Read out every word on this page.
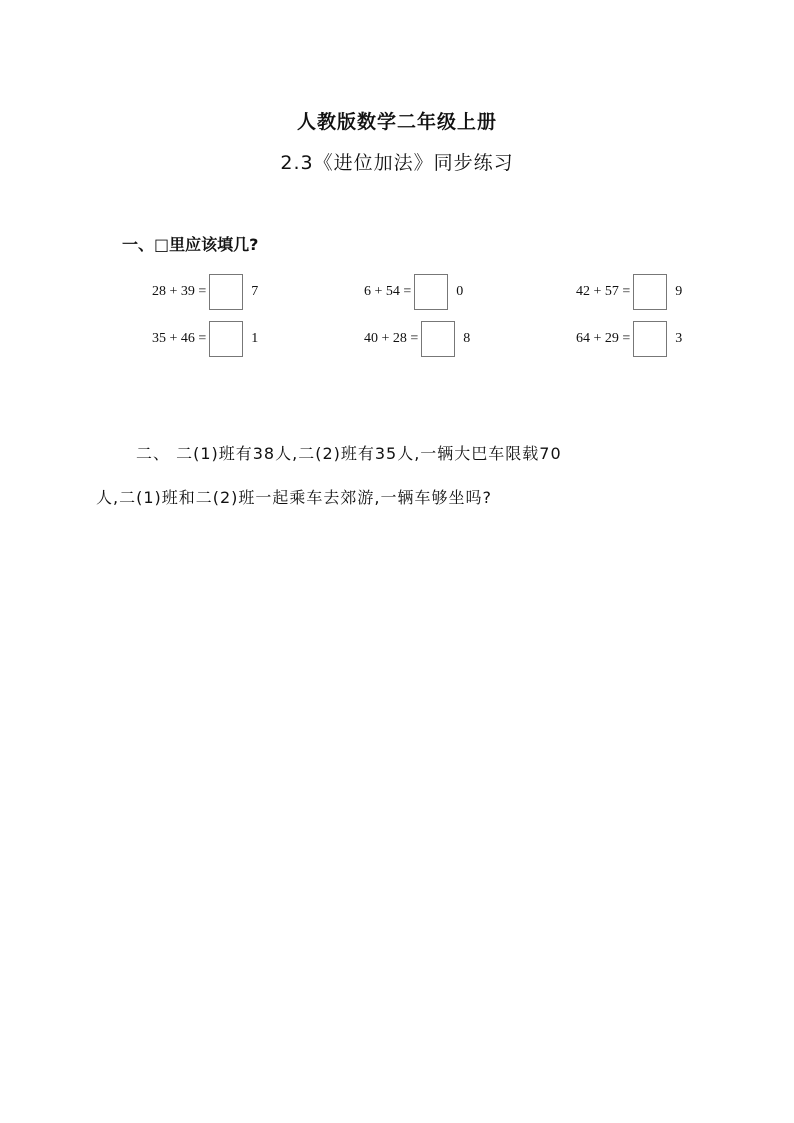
人教版数学二年级上册
2.3《进位加法》同步练习
一、□里应该填几?
28 + 39 =	7	6 + 54 =	0	42 + 57 =	9
35 + 46 =	1	40 + 28 =	8	64 + 29 =	3
二、 二(1)班有38人,二(2)班有35人,一辆大巴车限载70
人,二(1)班和二(2)班一起乘车去郊游,一辆车够坐吗?
